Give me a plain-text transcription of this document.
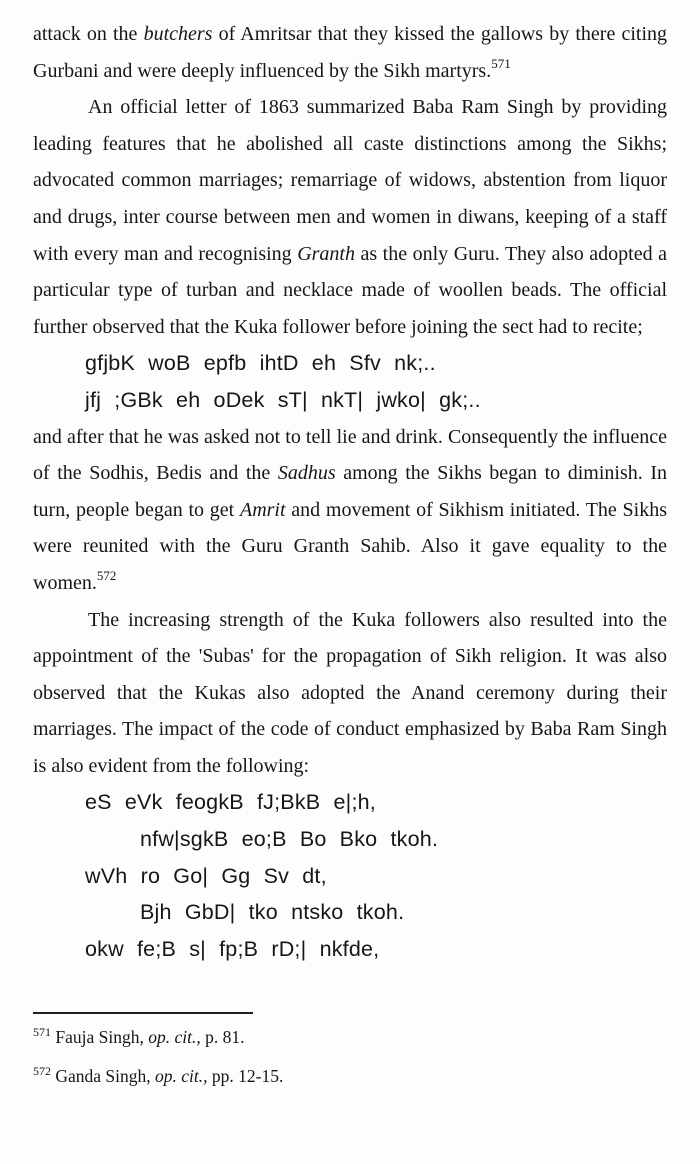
attack on the butchers of Amritsar that they kissed the gallows by there citing Gurbani and were deeply influenced by the Sikh martyrs.$^{571}$

An official letter of 1863 summarized Baba Ram Singh by providing leading features that he abolished all caste distinctions among the Sikhs; advocated common marriages; remarriage of widows, abstention from liquor and drugs, inter course between men and women in diwans, keeping of a staff with every man and recognising Granth as the only Guru. They also adopted a particular type of turban and necklace made of woollen beads. The official further observed that the Kuka follower before joining the sect had to recite;

gfjbK woB epfb ihtD eh Sfv nk;..
jfj ;GBk eh oDek sT| nkT| jwko| gk;..

and after that he was asked not to tell lie and drink. Consequently the influence of the Sodhis, Bedis and the Sadhus among the Sikhs began to diminish. In turn, people began to get Amrit and movement of Sikhism initiated. The Sikhs were reunited with the Guru Granth Sahib. Also it gave equality to the women.$^{572}$

The increasing strength of the Kuka followers also resulted into the appointment of the 'Subas' for the propagation of Sikh religion. It was also observed that the Kukas also adopted the Anand ceremony during their marriages. The impact of the code of conduct emphasized by Baba Ram Singh is also evident from the following:

eS eVk feogkB fJ;BkB e|;h,
nfw|sgkB eo;B Bo Bko tkoh.
wVh ro Go| Gg Sv dt,
Bjh GbD| tko ntsko tkoh.
okw fe;B s| fp;B rD;| nkfde,
$^{571}$ Fauja Singh, op. cit., p. 81.
$^{572}$ Ganda Singh, op. cit., pp. 12-15.
